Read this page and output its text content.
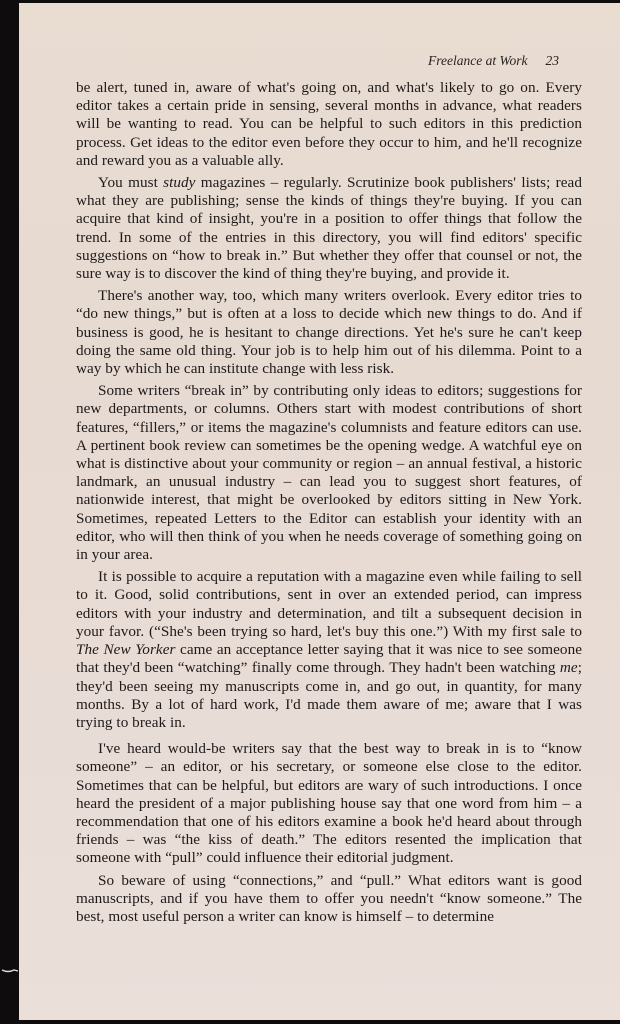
Freelance at Work 23

be alert, tuned in, aware of what's going on, and what's likely to go on. Every editor takes a certain pride in sensing, several months in advance, what readers will be wanting to read. You can be helpful to such editors in this prediction process. Get ideas to the editor even before they occur to him, and he'll recognize and reward you as a valuable ally.

You must study magazines – regularly. Scrutinize book publishers' lists; read what they are publishing; sense the kinds of things they're buying. If you can acquire that kind of insight, you're in a position to offer things that follow the trend. In some of the entries in this directory, you will find editors' specific suggestions on “how to break in.” But whether they offer that counsel or not, the sure way is to discover the kind of thing they're buying, and provide it.

There's another way, too, which many writers overlook. Every editor tries to “do new things,” but is often at a loss to decide which new things to do. And if business is good, he is hesitant to change directions. Yet he's sure he can't keep doing the same old thing. Your job is to help him out of his dilemma. Point to a way by which he can institute change with less risk.

Some writers “break in” by contributing only ideas to editors; suggestions for new departments, or columns. Others start with modest contributions of short features, “fillers,” or items the magazine's columnists and feature editors can use. A pertinent book review can sometimes be the opening wedge. A watchful eye on what is distinctive about your community or region – an annual festival, a historic landmark, an unusual industry – can lead you to suggest short features, of nationwide interest, that might be overlooked by editors sitting in New York. Sometimes, repeated Letters to the Editor can establish your identity with an editor, who will then think of you when he needs coverage of something going on in your area.

It is possible to acquire a reputation with a magazine even while failing to sell to it. Good, solid contributions, sent in over an extended period, can impress editors with your industry and determination, and tilt a subsequent decision in your favor. (“She's been trying so hard, let's buy this one.”) With my first sale to The New Yorker came an acceptance letter saying that it was nice to see someone that they'd been “watching” finally come through. They hadn't been watching me; they'd been seeing my manuscripts come in, and go out, in quantity, for many months. By a lot of hard work, I'd made them aware of me; aware that I was trying to break in.

I've heard would-be writers say that the best way to break in is to “know someone” – an editor, or his secretary, or someone else close to the editor. Sometimes that can be helpful, but editors are wary of such introductions. I once heard the president of a major publishing house say that one word from him – a recommendation that one of his editors examine a book he'd heard about through friends – was “the kiss of death.” The editors resented the implication that someone with “pull” could influence their editorial judgment.

So beware of using “connections,” and “pull.” What editors want is good manuscripts, and if you have them to offer you needn't “know someone.” The best, most useful person a writer can know is himself – to determine
